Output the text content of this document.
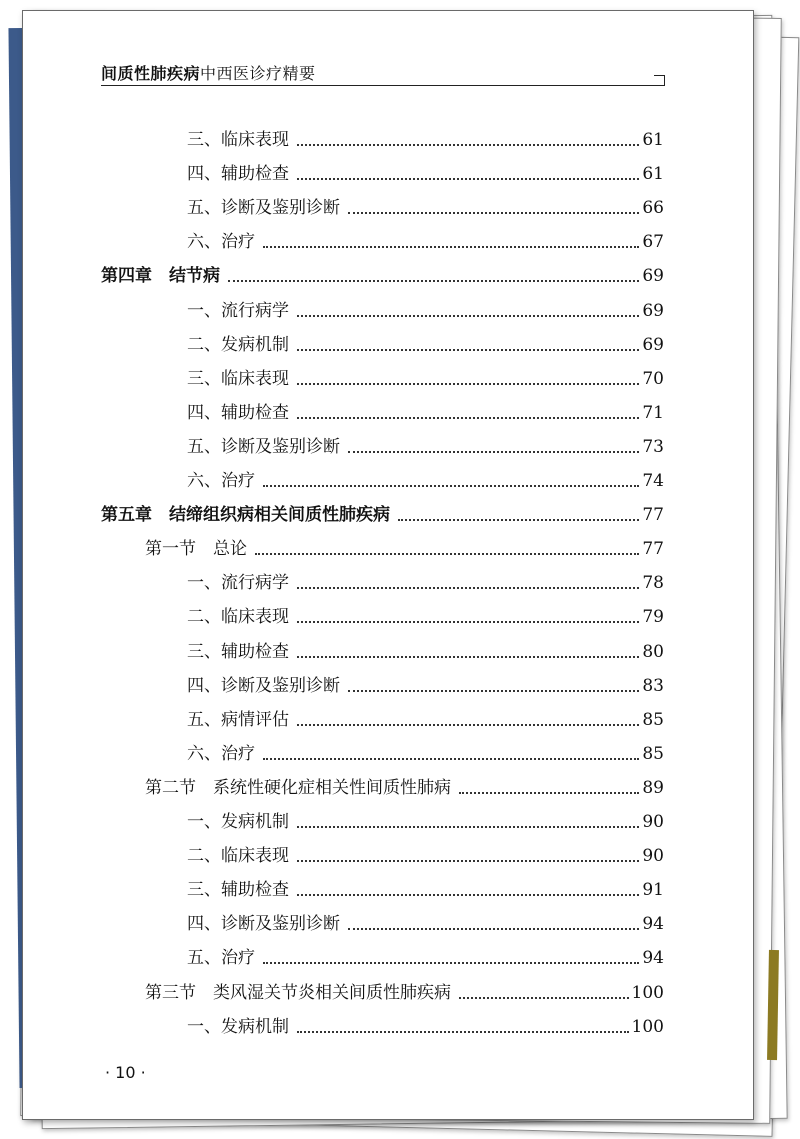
间质性肺疾病中西医诊疗精要
三、临床表现	61
四、辅助检查	61
五、诊断及鉴别诊断	66
六、治疗	67
第四章　结节病	69
一、流行病学	69
二、发病机制	69
三、临床表现	70
四、辅助检查	71
五、诊断及鉴别诊断	73
六、治疗	74
第五章　结缔组织病相关间质性肺疾病	77
第一节　总论	77
一、流行病学	78
二、临床表现	79
三、辅助检查	80
四、诊断及鉴别诊断	83
五、病情评估	85
六、治疗	85
第二节　系统性硬化症相关性间质性肺病	89
一、发病机制	90
二、临床表现	90
三、辅助检查	91
四、诊断及鉴别诊断	94
五、治疗	94
第三节　类风湿关节炎相关间质性肺疾病	100
一、发病机制	100
· 10 ·
